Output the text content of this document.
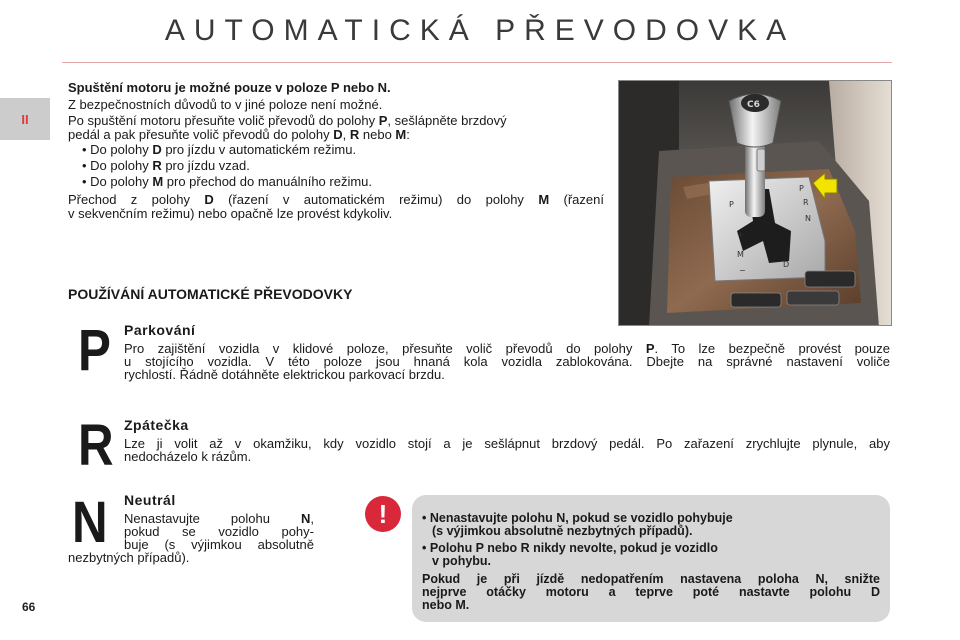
AUTOMATICKÁ PŘEVODOVKA
II
Spuštění motoru je možné pouze v poloze P nebo N.
Z bezpečnostních důvodů to v jiné poloze není možné.
Po spuštění motoru přesuňte volič převodů do polohy P, sešlápněte brzdový
pedál a pak přesuňte volič převodů do polohy D, R nebo M:
• Do polohy D pro jízdu v automatickém režimu.
• Do polohy R pro jízdu vzad.
• Do polohy M pro přechod do manuálního režimu.
Přechod z polohy D (řazení v automatickém režimu) do polohy M (řazení
v sekvenčním režimu) nebo opačně lze provést kdykoliv.
P
P
R
N
D
M
+
−
C6
POUŽÍVÁNÍ AUTOMATICKÉ PŘEVODOVKY
P Parkování
Pro zajištění vozidla v klidové poloze, přesuňte volič převodů do polohy P. To lze bezpečně provést pouze
u stojícího vozidla. V této poloze jsou hnaná kola vozidla zablokována. Dbejte na správné nastavení voliče
rychlostí. Řádně dotáhněte elektrickou parkovací brzdu.
R Zpátečka
Lze ji volit až v okamžiku, kdy vozidlo stojí a je sešlápnut brzdový pedál. Po zařazení zrychlujte plynule, aby
nedocházelo k rázům.
N Neutrál
Nenastavujte polohu N,
pokud se vozidlo pohy-
buje (s výjimkou absolutně
nezbytných případů).
!	• Nenastavujte polohu N, pokud se vozidlo pohybuje
(s výjimkou absolutně nezbytných případů).
• Polohu P nebo R nikdy nevolte, pokud je vozidlo
v pohybu.
Pokud je při jízdě nedopatřením nastavena poloha N, snižte
nejprve otáčky motoru a teprve poté nastavte polohu D
nebo M.
66
